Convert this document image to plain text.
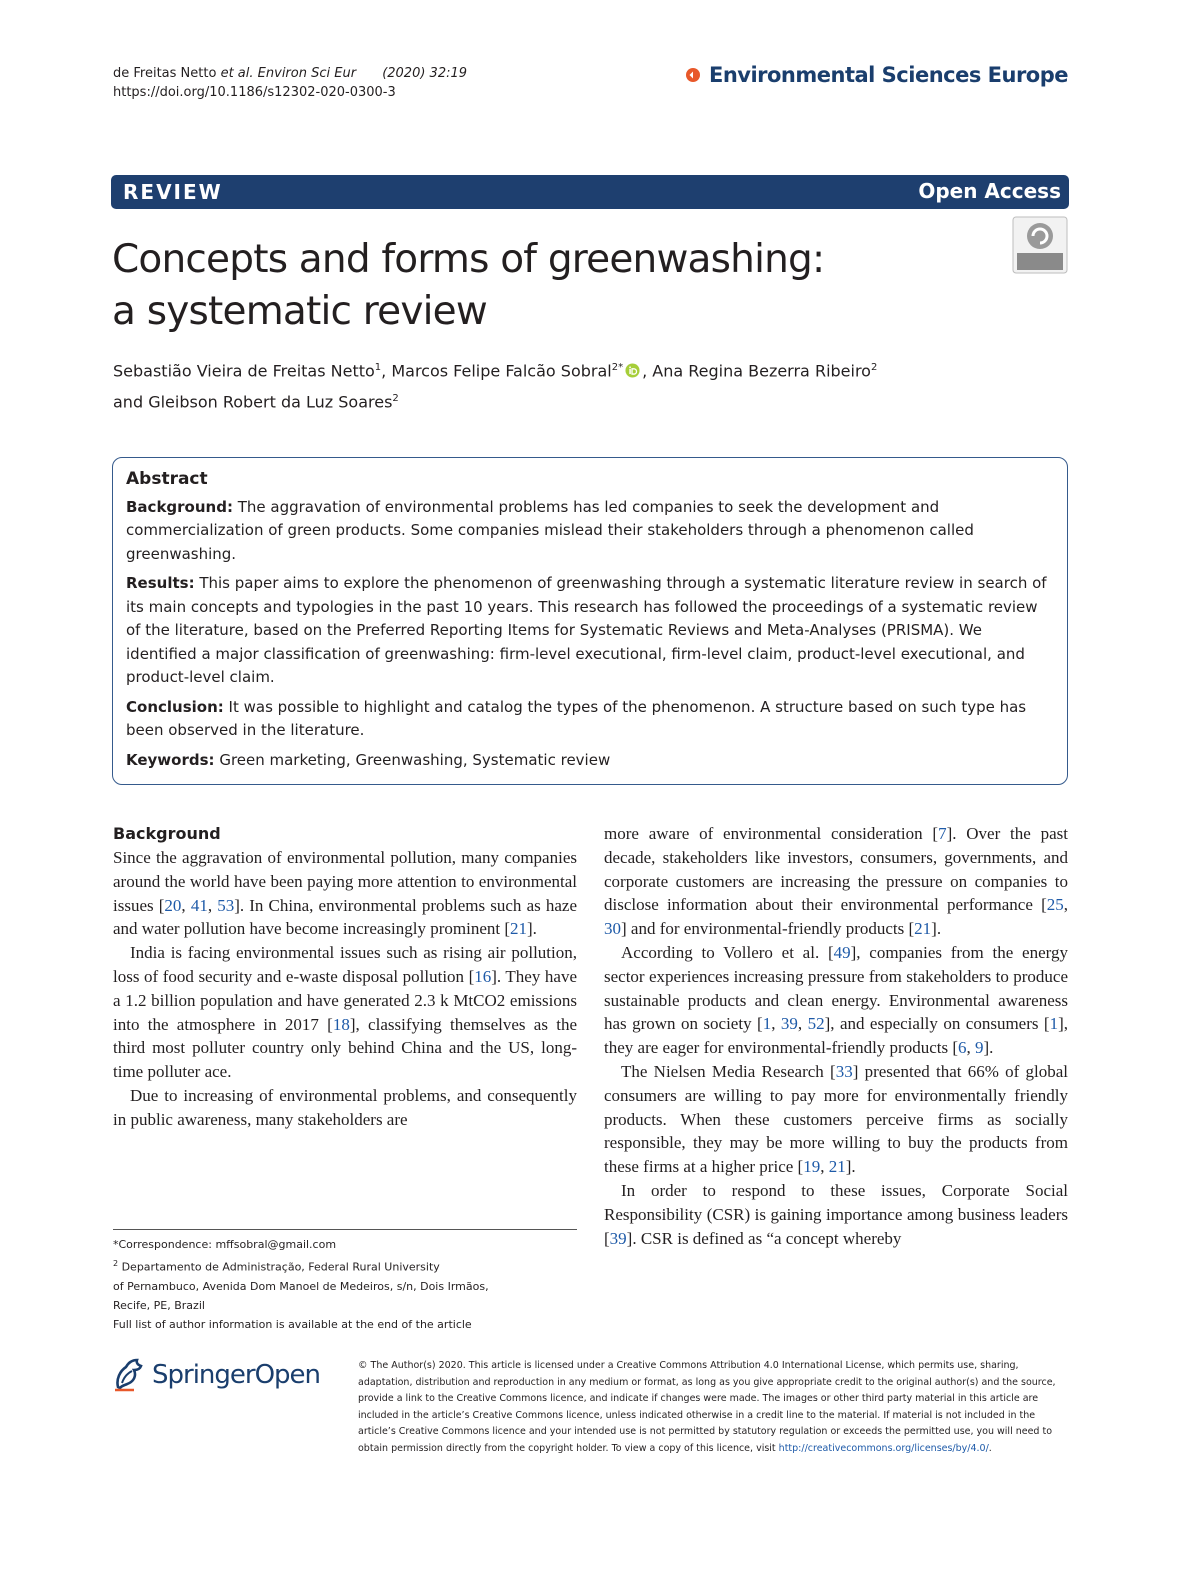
de Freitas Netto et al. Environ Sci Eur (2020) 32:19
https://doi.org/10.1186/s12302-020-0300-3
Environmental Sciences Europe
REVIEW	Open Access
Concepts and forms of greenwashing:
a systematic review
Sebastião Vieira de Freitas Netto$^1$, Marcos Felipe Falcão Sobral$^{2*}$ , Ana Regina Bezerra Ribeiro$^2$
and Gleibson Robert da Luz Soares$^2$
Abstract

Background: The aggravation of environmental problems has led companies to seek the development and commercialization of green products. Some companies mislead their stakeholders through a phenomenon called greenwashing.

Results: This paper aims to explore the phenomenon of greenwashing through a systematic literature review in search of its main concepts and typologies in the past 10 years. This research has followed the proceedings of a systematic review of the literature, based on the Preferred Reporting Items for Systematic Reviews and Meta-Analyses (PRISMA). We identified a major classification of greenwashing: firm-level executional, firm-level claim, product-level executional, and product-level claim.

Conclusion: It was possible to highlight and catalog the types of the phenomenon. A structure based on such type has been observed in the literature.

Keywords: Green marketing, Greenwashing, Systematic review

Background

Since the aggravation of environmental pollution, many companies around the world have been paying more attention to environmental issues [20, 41, 53]. In China, environmental problems such as haze and water pollution have become increasingly prominent [21].

India is facing environmental issues such as rising air pollution, loss of food security and e-waste disposal pollution [16]. They have a 1.2 billion population and have generated 2.3 k MtCO2 emissions into the atmosphere in 2017 [18], classifying themselves as the third most polluter country only behind China and the US, long-time polluter ace.

Due to increasing of environmental problems, and consequently in public awareness, many stakeholders are

more aware of environmental consideration [7]. Over the past decade, stakeholders like investors, consumers, governments, and corporate customers are increasing the pressure on companies to disclose information about their environmental performance [25, 30] and for environmental-friendly products [21].

According to Vollero et al. [49], companies from the energy sector experiences increasing pressure from stakeholders to produce sustainable products and clean energy. Environmental awareness has grown on society [1, 39, 52], and especially on consumers [1], they are eager for environmental-friendly products [6, 9].

The Nielsen Media Research [33] presented that 66% of global consumers are willing to pay more for environmentally friendly products. When these customers perceive firms as socially responsible, they may be more willing to buy the products from these firms at a higher price [19, 21].

In order to respond to these issues, Corporate Social Responsibility (CSR) is gaining importance among business leaders [39]. CSR is defined as “a concept whereby

*Correspondence: mffsobral@gmail.com

$^2$ Departamento de Administração, Federal Rural University

of Pernambuco, Avenida Dom Manoel de Medeiros, s/n, Dois Irmãos,

Recife, PE, Brazil

Full list of author information is available at the end of the article

SpringerOpen	© The Author(s) 2020. This article is licensed under a Creative Commons Attribution 4.0 International License, which permits use, sharing, adaptation, distribution and reproduction in any medium or format, as long as you give appropriate credit to the original author(s) and the source, provide a link to the Creative Commons licence, and indicate if changes were made. The images or other third party material in this article are included in the article’s Creative Commons licence, unless indicated otherwise in a credit line to the material. If material is not included in the article’s Creative Commons licence and your intended use is not permitted by statutory regulation or exceeds the permitted use, you will need to obtain permission directly from the copyright holder. To view a copy of this licence, visit http://creativecommons.org/licenses/by/4.0/.
